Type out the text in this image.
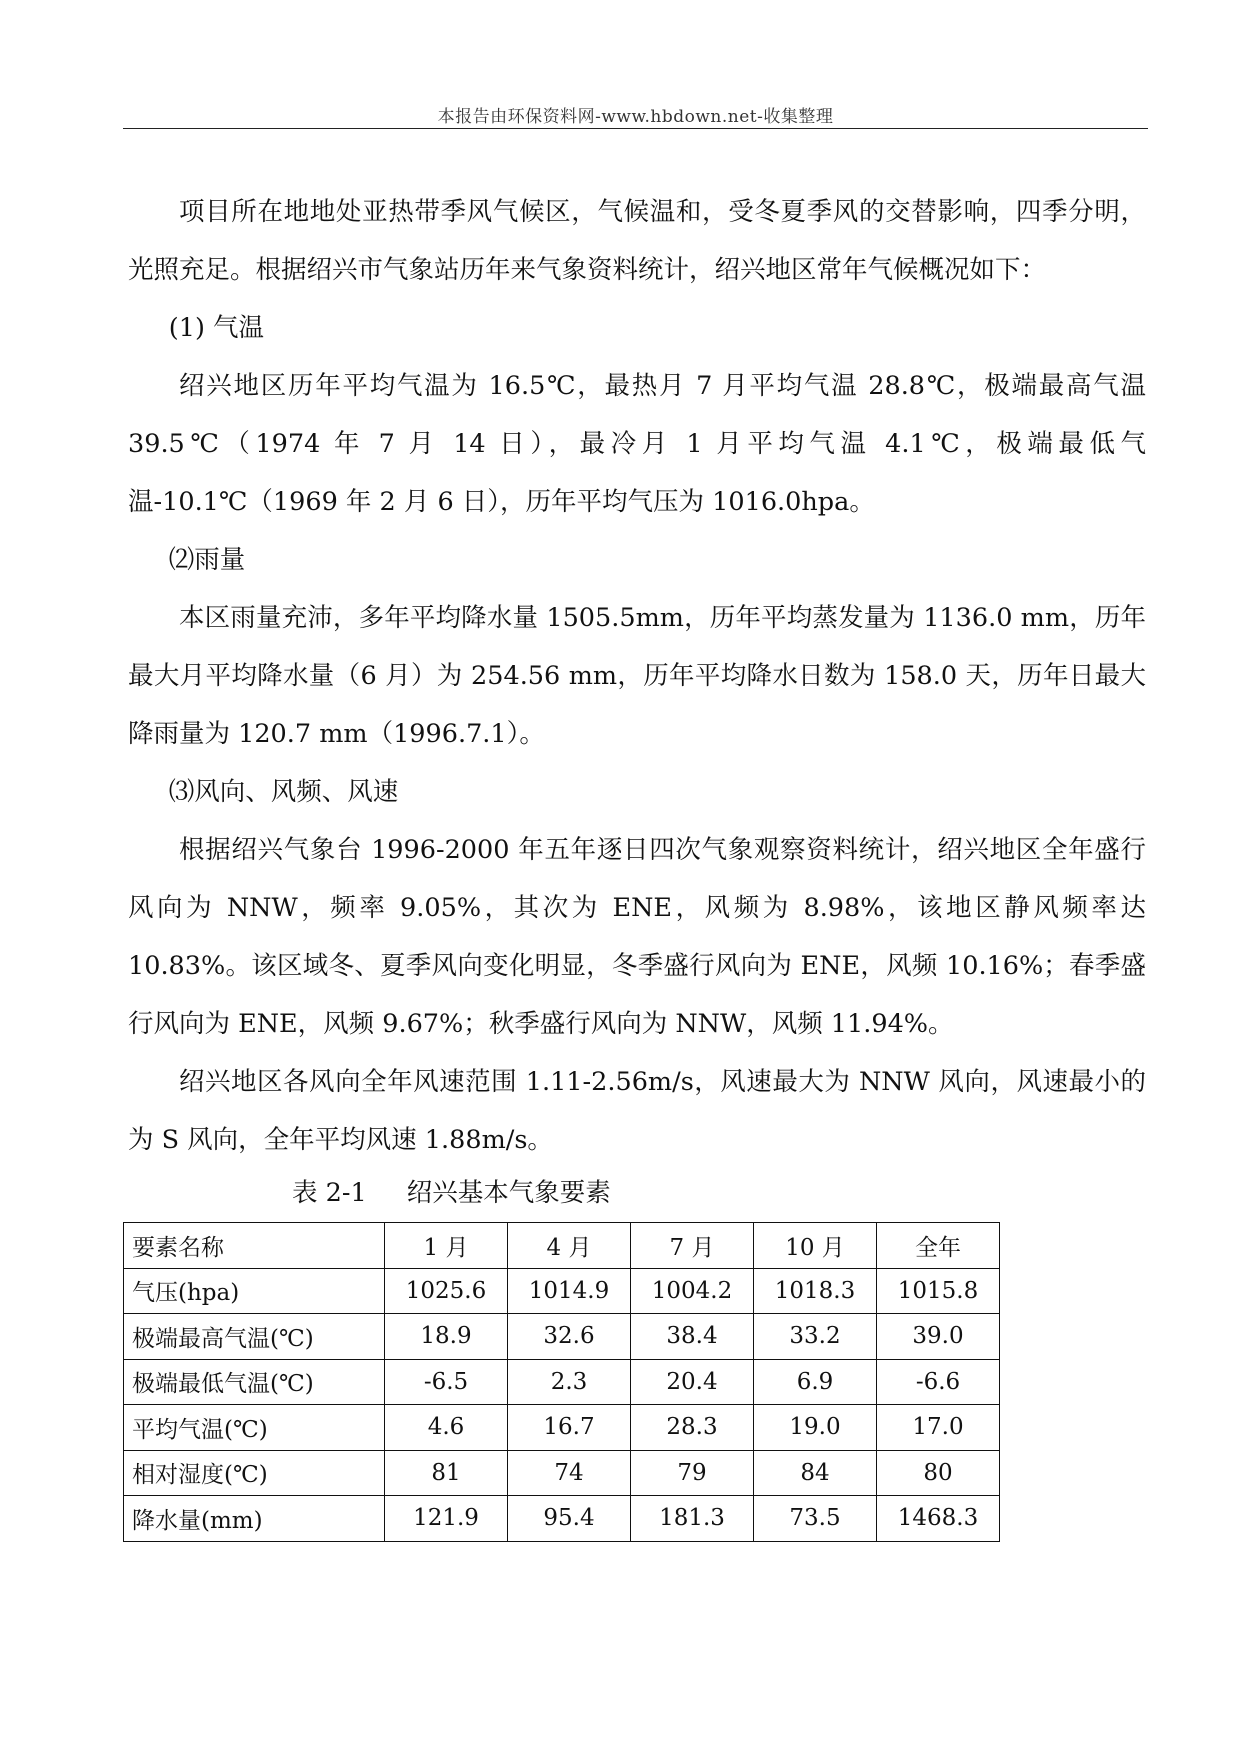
本报告由环保资料网-www.hbdown.net-收集整理

项目所在地地处亚热带季风气候区，气候温和，受冬夏季风的交替影响，四季分明，光照充足。根据绍兴市气象站历年来气象资料统计，绍兴地区常年气候概况如下：

(1) 气温

绍兴地区历年平均气温为 16.5℃，最热月 7 月平均气温 28.8℃，极端最高气温 39.5℃（1974 年 7 月 14 日），最冷月 1 月平均气温 4.1℃，极端最低气温-10.1℃（1969 年 2 月 6 日），历年平均气压为 1016.0hpa。

⑵雨量

本区雨量充沛，多年平均降水量 1505.5mm，历年平均蒸发量为 1136.0 mm，历年最大月平均降水量（6 月）为 254.56 mm，历年平均降水日数为 158.0 天，历年日最大降雨量为 120.7 mm（1996.7.1）。

⑶风向、风频、风速

根据绍兴气象台 1996-2000 年五年逐日四次气象观察资料统计，绍兴地区全年盛行风向为 NNW，频率 9.05%，其次为 ENE，风频为 8.98%，该地区静风频率达 10.83%。该区域冬、夏季风向变化明显，冬季盛行风向为 ENE，风频 10.16%；春季盛行风向为 ENE，风频 9.67%；秋季盛行风向为 NNW，风频 11.94%。

绍兴地区各风向全年风速范围 1.11-2.56m/s，风速最大为 NNW 风向，风速最小的为 S 风向，全年平均风速 1.88m/s。

表 2-1 绍兴基本气象要素
要素名称	1 月	4 月	7 月	10 月	全年
气压(hpa)	1025.6	1014.9	1004.2	1018.3	1015.8
极端最高气温(℃)	18.9	32.6	38.4	33.2	39.0
极端最低气温(℃)	-6.5	2.3	20.4	6.9	-6.6
平均气温(℃)	4.6	16.7	28.3	19.0	17.0
相对湿度(℃)	81	74	79	84	80
降水量(mm)	121.9	95.4	181.3	73.5	1468.3
